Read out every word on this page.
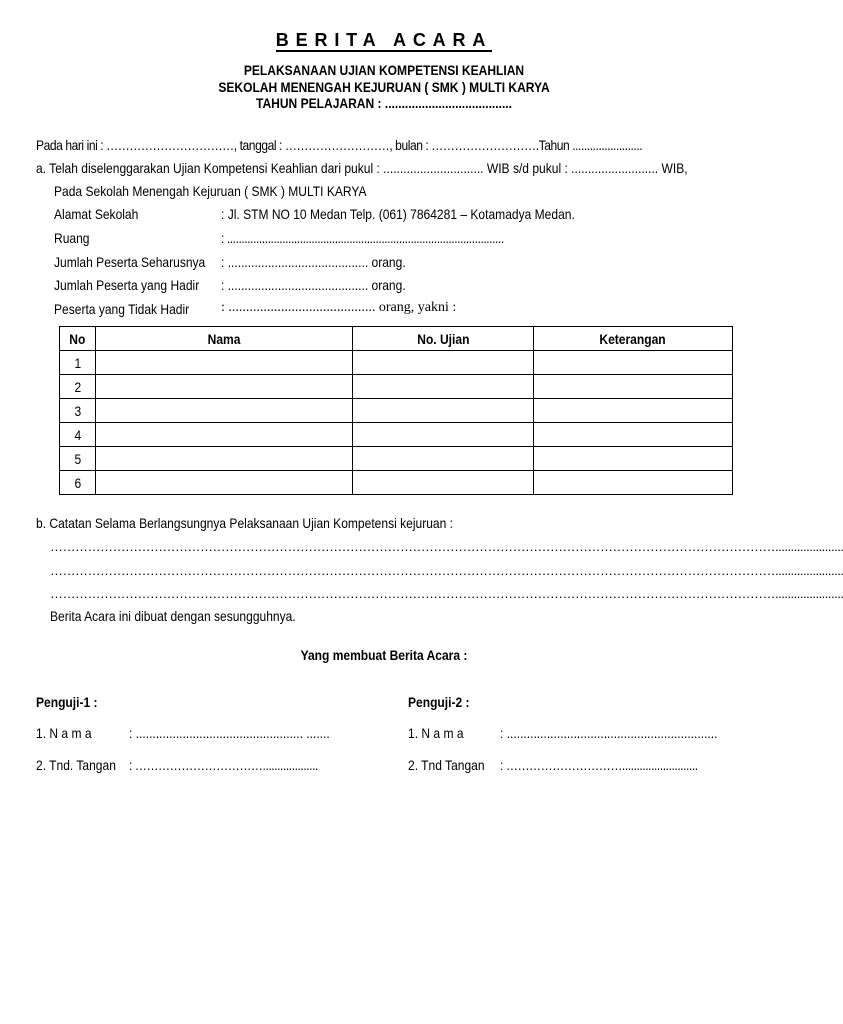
BERITA ACARA
PELAKSANAAN UJIAN KOMPETENSI KEAHLIAN
SEKOLAH MENENGAH KEJURUAN ( SMK ) MULTI KARYA
TAHUN PELAJARAN : ......................................
Pada hari ini : ……………………………, tanggal : ………………………, bulan : ……………………….Tahun ........................
a. Telah diselenggarakan Ujian Kompetensi Keahlian dari pukul : .............................. WIB s/d pukul : .......................... WIB,
Pada Sekolah Menengah Kejuruan ( SMK ) MULTI KARYA
Alamat Sekolah	: Jl. STM NO 10 Medan Telp. (061) 7864281 – Kotamadya Medan.
Ruang	: ...............................................................................................
Jumlah Peserta Seharusnya : .......................................... orang.
Jumlah Peserta yang Hadir : .......................................... orang.
Peserta yang Tidak Hadir : .......................................... orang, yakni :
No	Nama	No. Ujian	Keterangan
1			
2			
3			
4			
5			
6			
b. Catatan Selama Berlangsungnya Pelaksanaan Ujian Kompetensi kejuruan :
…………………………………………………………………………………………………………………………………………………………......................
…………………………………………………………………………………………………………………………………………………………......................
…………………………………………………………………………………………………………………………………………………………......................
Berita Acara ini dibuat dengan sesungguhnya.
Yang membuat Berita Acara :
Penguji-1 :
1. N a m a	: .................................................. .......
2. Tnd. Tangan : ……………………………...................
Penguji-2 :
1. N a m a	: ...............................................................
2. Tnd Tangan : …………………………..........................
